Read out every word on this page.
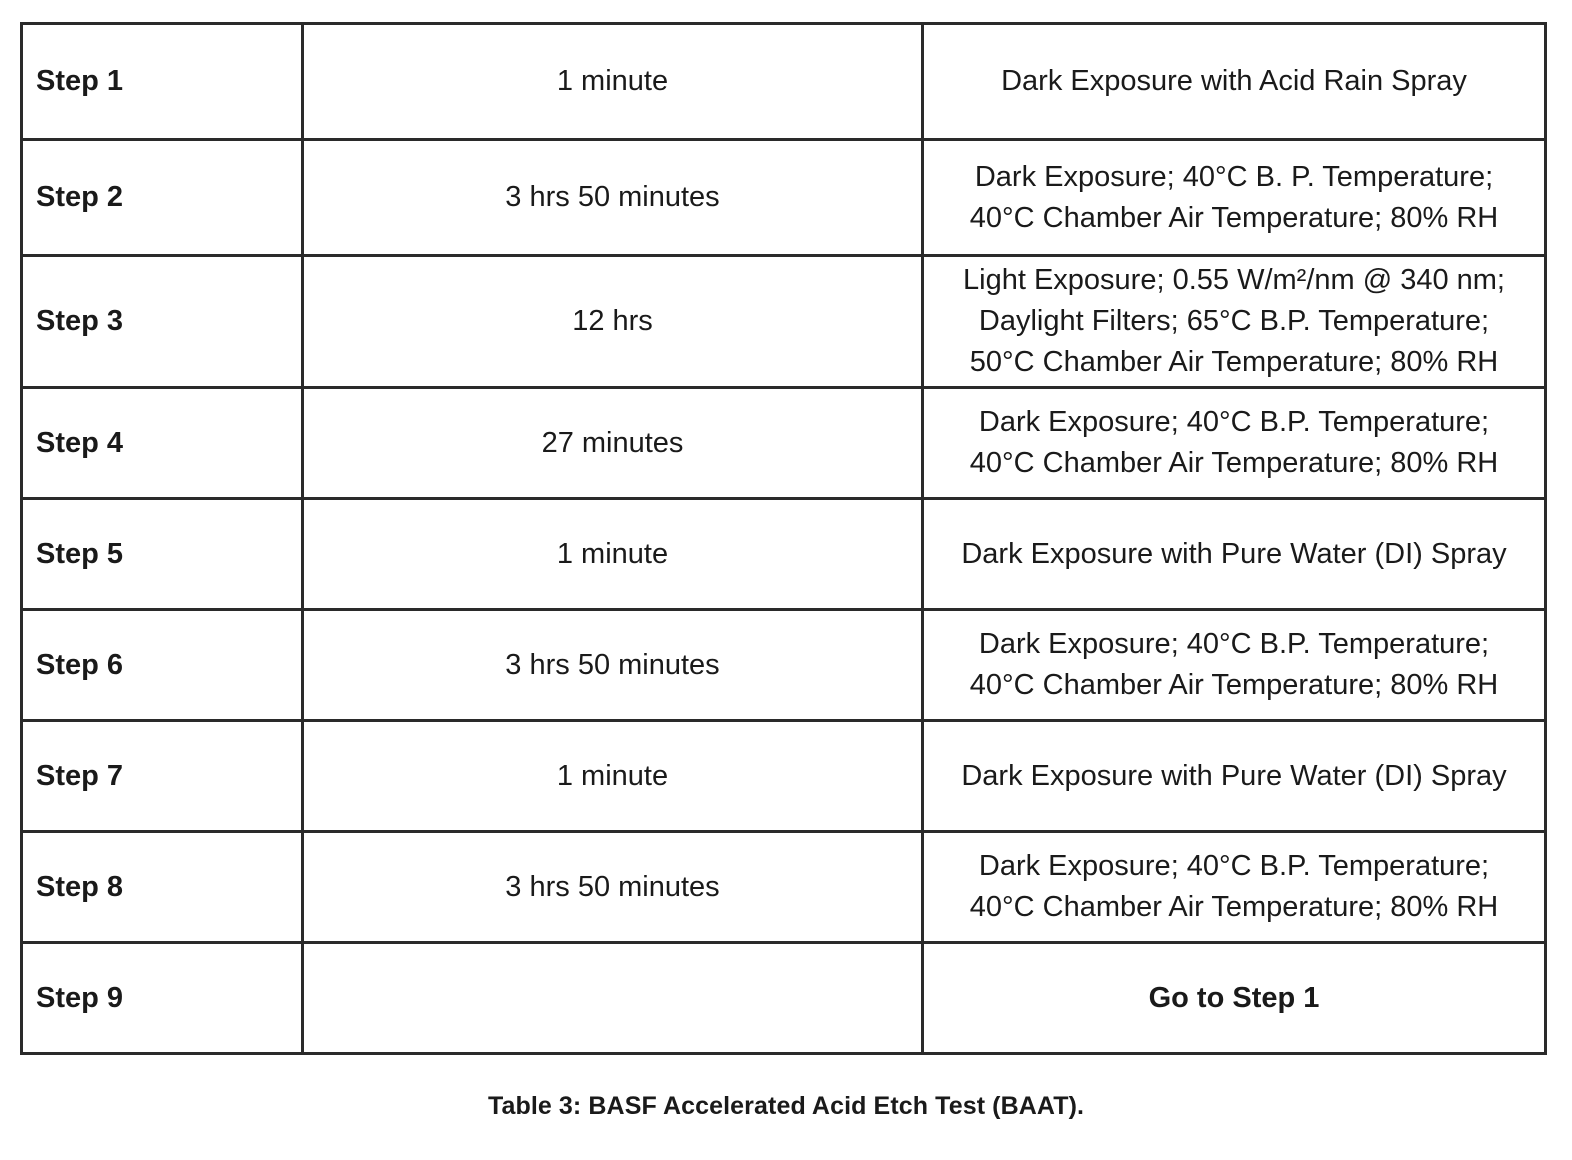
Step 1	1 minute	Dark Exposure with Acid Rain Spray

Step 2	3 hrs 50 minutes	Dark Exposure; 40°C B. P. Temperature;
40°C Chamber Air Temperature; 80% RH

Step 3	12 hrs	Light Exposure; 0.55 W/m²/nm @ 340 nm;
Daylight Filters; 65°C B.P. Temperature;
50°C Chamber Air Temperature; 80% RH

Step 4	27 minutes	Dark Exposure; 40°C B.P. Temperature;
40°C Chamber Air Temperature; 80% RH

Step 5	1 minute	Dark Exposure with Pure Water (DI) Spray

Step 6	3 hrs 50 minutes	Dark Exposure; 40°C B.P. Temperature;
40°C Chamber Air Temperature; 80% RH

Step 7	1 minute	Dark Exposure with Pure Water (DI) Spray

Step 8	3 hrs 50 minutes	Dark Exposure; 40°C B.P. Temperature;
40°C Chamber Air Temperature; 80% RH

Step 9		Go to Step 1
Table 3: BASF Accelerated Acid Etch Test (BAAT).
